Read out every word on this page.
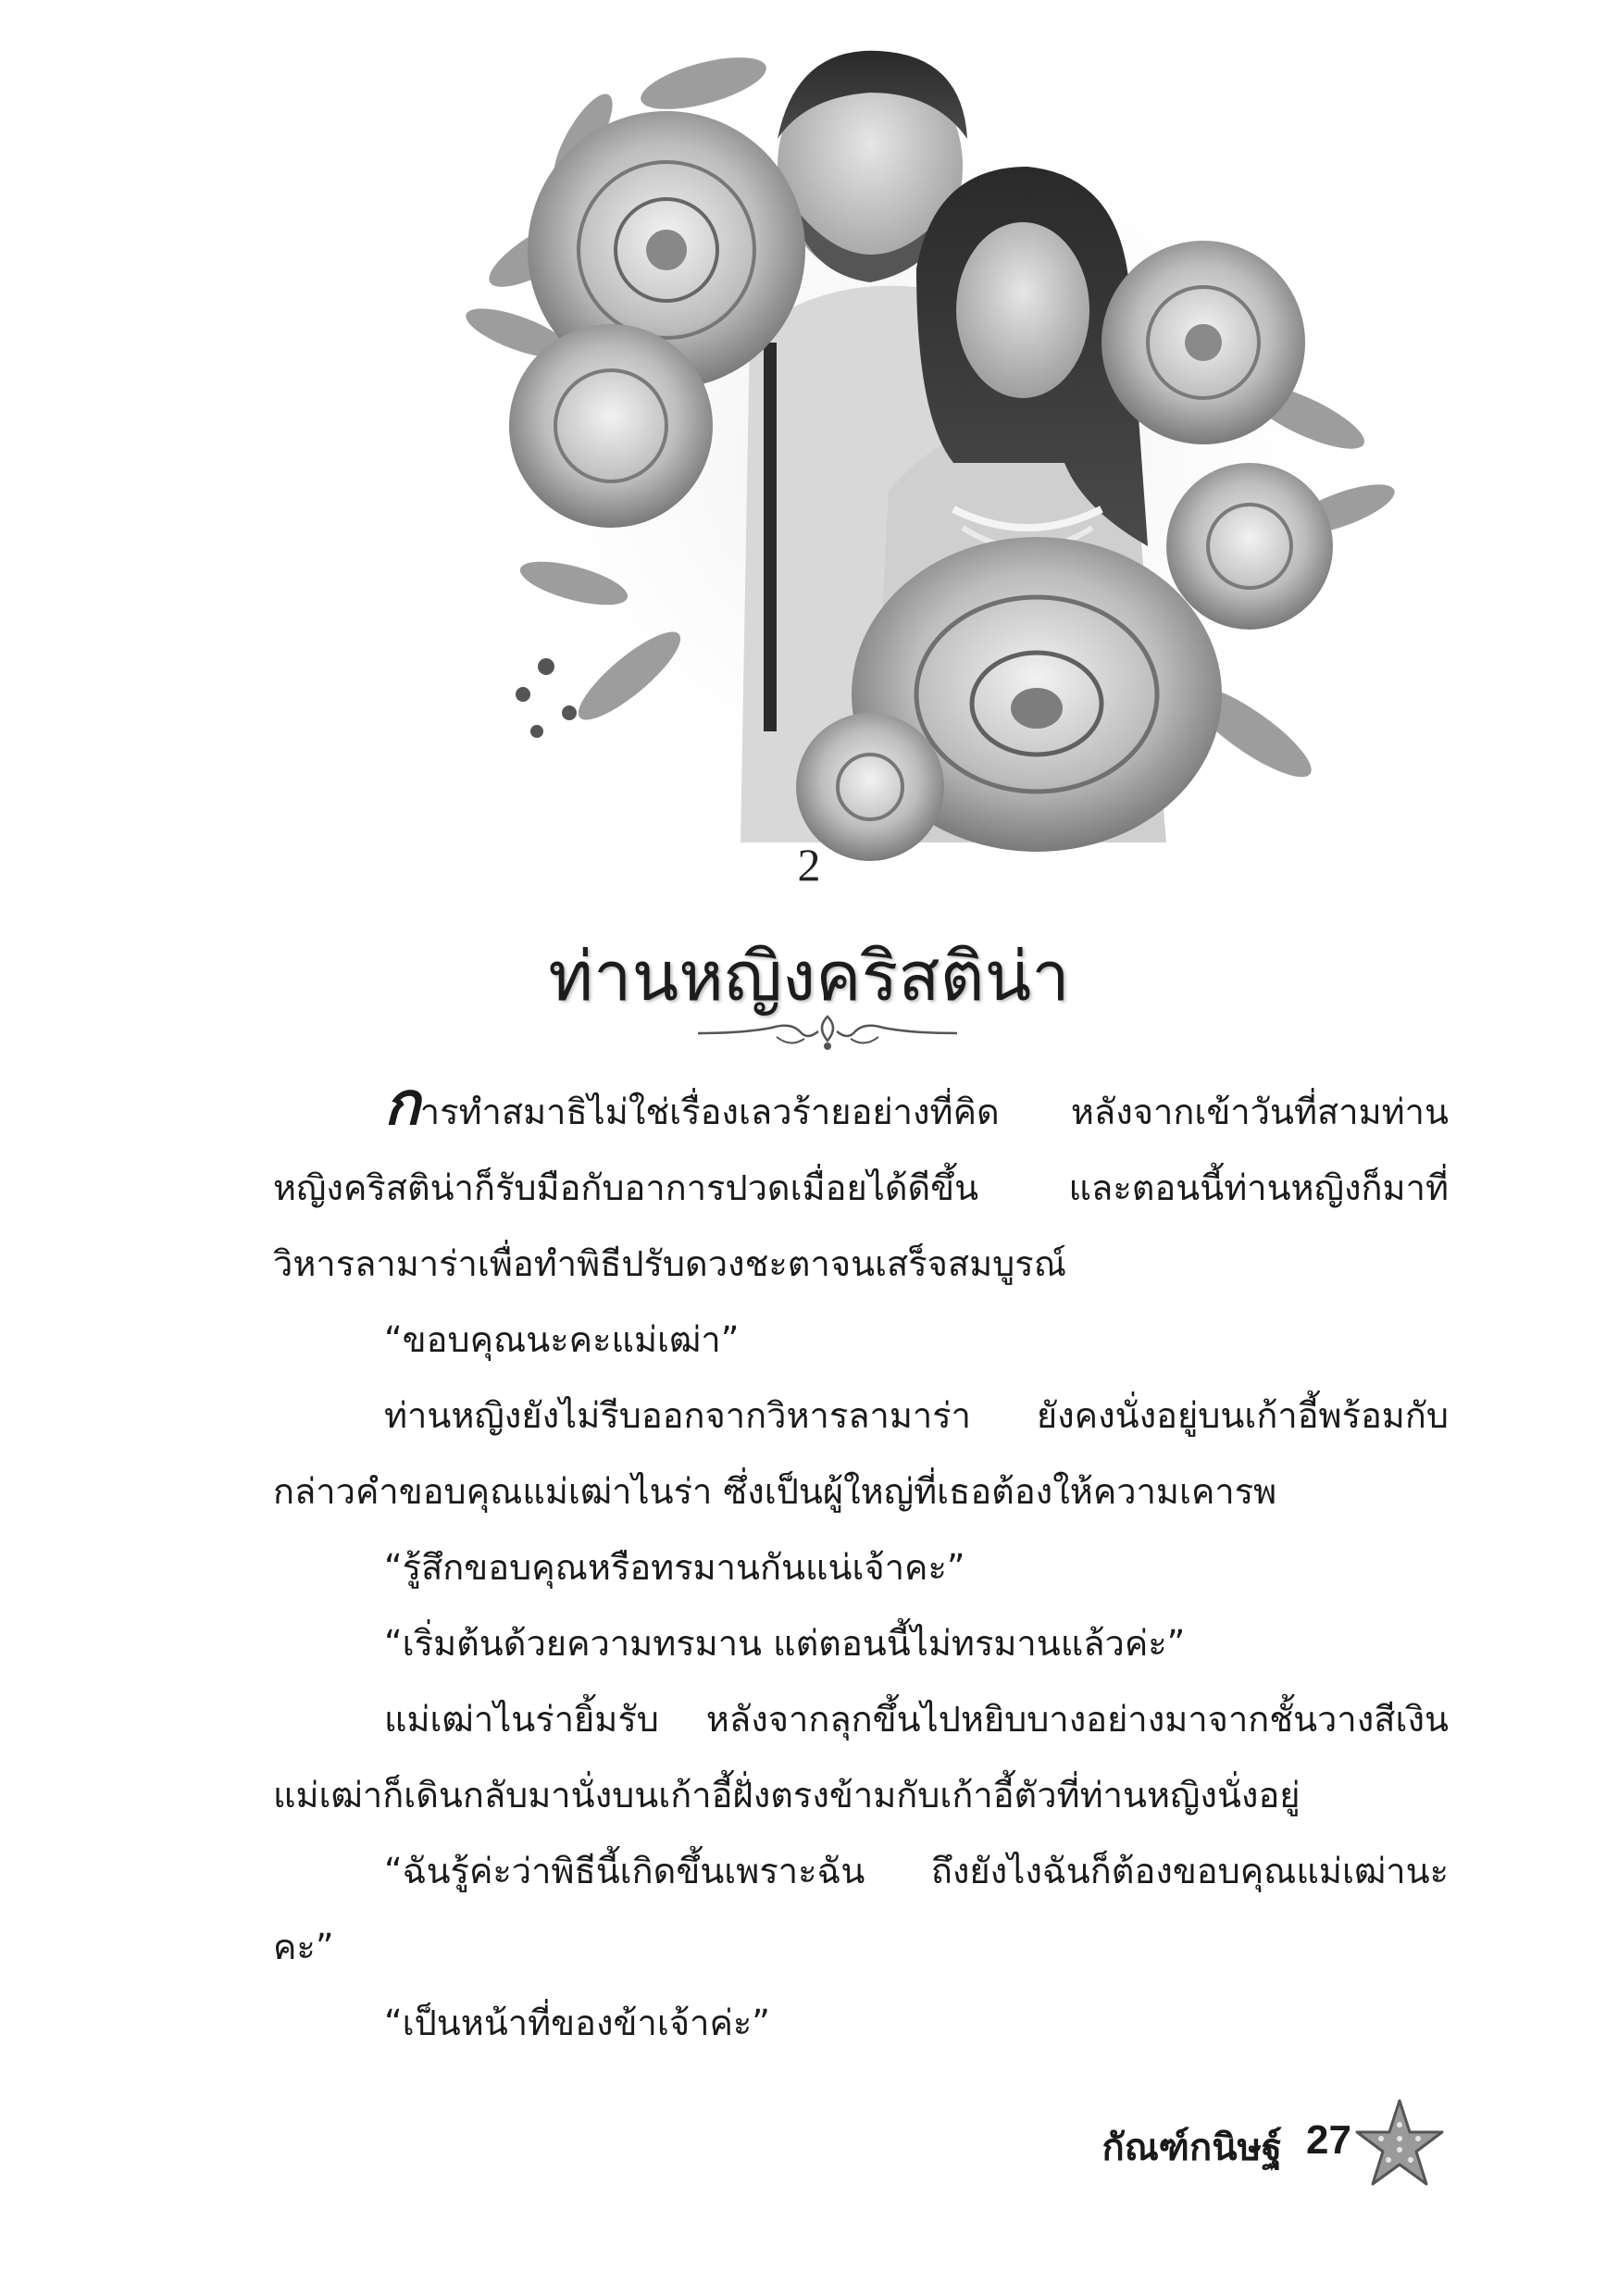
2
ท่านหญิงคริสติน่า

การทำสมาธิไม่ใช่เรื่องเลวร้ายอย่างที่คิด หลังจากเข้าวันที่สามท่านหญิงคริสติน่าก็รับมือกับอาการปวดเมื่อยได้ดีขึ้น และตอนนี้ท่านหญิงก็มาที่วิหารลามาร่าเพื่อทำพิธีปรับดวงชะตาจนเสร็จสมบูรณ์

“ขอบคุณนะคะแม่เฒ่า”

ท่านหญิงยังไม่รีบออกจากวิหารลามาร่า ยังคงนั่งอยู่บนเก้าอี้พร้อมกับกล่าวคำขอบคุณแม่เฒ่าไนร่า ซึ่งเป็นผู้ใหญ่ที่เธอต้องให้ความเคารพ

“รู้สึกขอบคุณหรือทรมานกันแน่เจ้าคะ”

“เริ่มต้นด้วยความทรมาน แต่ตอนนี้ไม่ทรมานแล้วค่ะ”

แม่เฒ่าไนร่ายิ้มรับ หลังจากลุกขึ้นไปหยิบบางอย่างมาจากชั้นวางสีเงิน แม่เฒ่าก็เดินกลับมานั่งบนเก้าอี้ฝั่งตรงข้ามกับเก้าอี้ตัวที่ท่านหญิงนั่งอยู่

“ฉันรู้ค่ะว่าพิธีนี้เกิดขึ้นเพราะฉัน ถึงยังไงฉันก็ต้องขอบคุณแม่เฒ่านะคะ”

“เป็นหน้าที่ของข้าเจ้าค่ะ”

กัณฑ์กนิษฐ์ 27
